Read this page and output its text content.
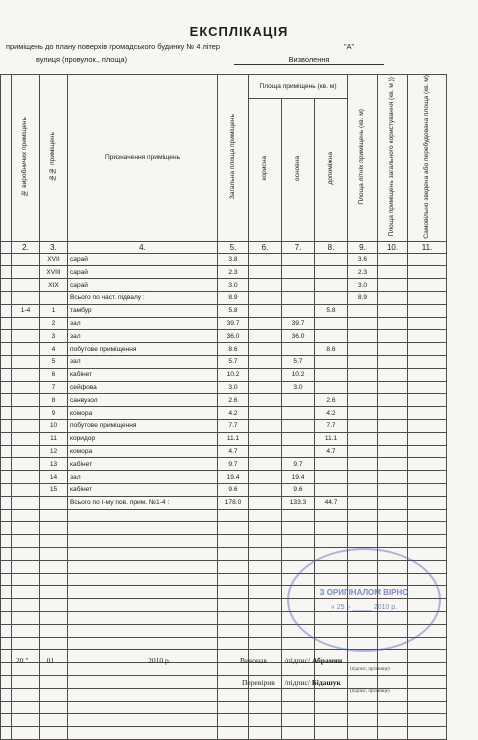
ЕКСПЛІКАЦІЯ
приміщень до плану поверхів громадського будинку № 4 літер	"А"
вулиця (провулок., площа)	Визволення
	№ виробничих приміщень	№№ приміщень	Призначення приміщень	Загальна площа приміщень	Площа приміщень (кв. м)			Площа літніх приміщень (кв. м)	Площа приміщень загального користування (кв. м ))	Самовільно зведена або перебудована площа (кв. м)
					корисна	основна	допоміжна			
	2.	3.	4.	5.	6.	7.	8.	9.	10.	11.
		XVII	сарай	3.8				3.6		
		XVIII	сарай	2.3				2.3		
		XIX	сарай	3.0				3.0		
			Всього по част. підвалу :	8.9				8.9		
	1-4	1	тамбур	5.8			5.8			
		2	зал	39.7		39.7				
		3	зал	36.0		36.0				
		4	побутове приміщення	8.6			8.6			
		5	зал	5.7		5.7				
		6	кабінет	10.2		10.2				
		7	сейфова	3.0		3.0				
		8	санвузол	2.6			2.6			
		9	комора	4.2			4.2			
		10	побутове приміщення	7.7			7.7			
		11	коридор	11.1			11.1			
		12	комора	4.7			4.7			
		13	кабінет	9.7		9.7				
		14	зал	19.4		19.4				
		15	кабінет	9.6		9.6				
			Всього по І-му пов. прим. №1-4 :	178.0		133.3	44.7			

З ОРИГІНАЛОМ ВІРНО
« 25 » _____ 2010 р.
20 " 01	2010 р.	Виконав /підпис/ Абрамян
(підпис, прізвище)
Перевірив /підпис/ Бідашук
(підпис, прізвище)
